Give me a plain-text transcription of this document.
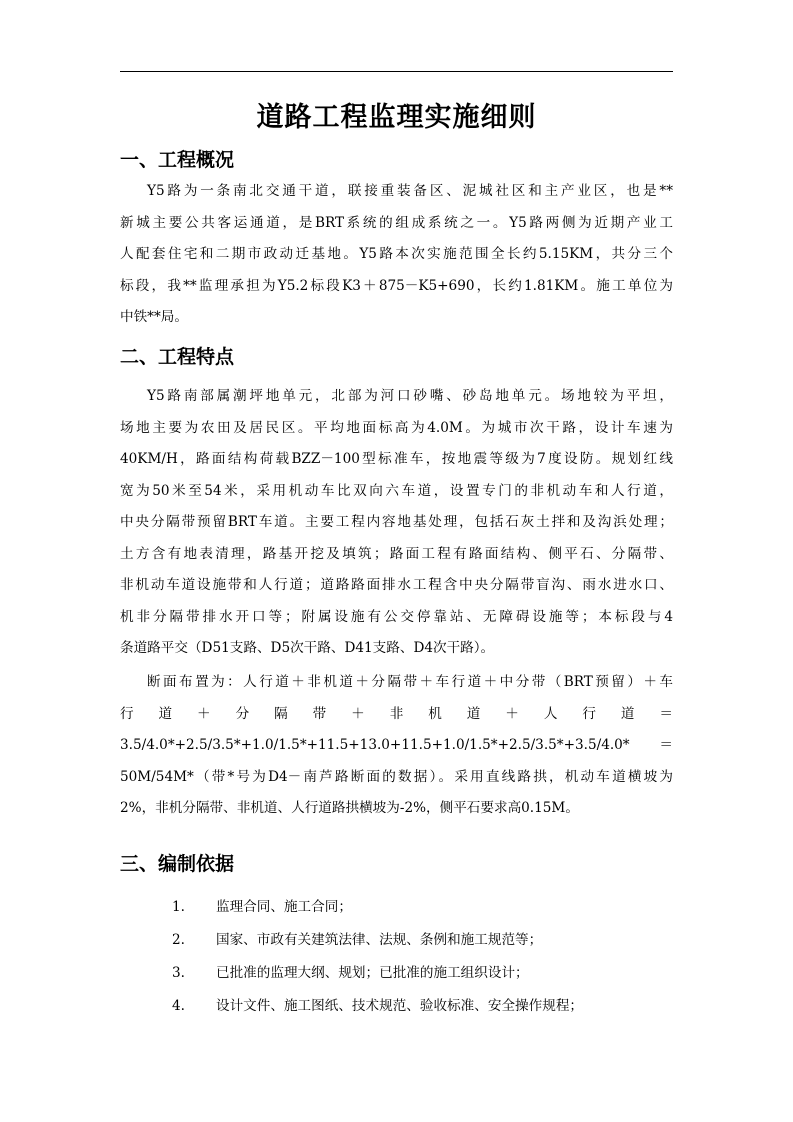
道路工程监理实施细则
一、工程概况
Y5路为一条南北交通干道，联接重装备区、泥城社区和主产业区，也是**
新城主要公共客运通道，是BRT系统的组成系统之一。Y5路两侧为近期产业工
人配套住宅和二期市政动迁基地。Y5路本次实施范围全长约5.15KM，共分三个
标段，我**监理承担为Y5.2标段K3＋875－K5+690，长约1.81KM。施工单位为
中铁**局。
二、工程特点
Y5路南部属潮坪地单元，北部为河口砂嘴、砂岛地单元。场地较为平坦，
场地主要为农田及居民区。平均地面标高为4.0M。为城市次干路，设计车速为
40KM/H，路面结构荷载BZZ－100型标准车，按地震等级为7度设防。规划红线
宽为50米至54米，采用机动车比双向六车道，设置专门的非机动车和人行道，
中央分隔带预留BRT车道。主要工程内容地基处理，包括石灰土拌和及沟浜处理；
土方含有地表清理，路基开挖及填筑；路面工程有路面结构、侧平石、分隔带、
非机动车道设施带和人行道；道路路面排水工程含中央分隔带盲沟、雨水进水口、
机非分隔带排水开口等；附属设施有公交停靠站、无障碍设施等；本标段与4
条道路平交（D51支路、D5次干路、D41支路、D4次干路）。
断面布置为：人行道＋非机道＋分隔带＋车行道＋中分带（BRT预留）＋车
行　道　＋　分　隔　带　＋　非　机　道　＋　人　行　道　＝
3.5/4.0*+2.5/3.5*+1.0/1.5*+11.5+13.0+11.5+1.0/1.5*+2.5/3.5*+3.5/4.0*　＝
50M/54M*（带*号为D4－南芦路断面的数据）。采用直线路拱，机动车道横坡为
2%，非机分隔带、非机道、人行道路拱横坡为-2%，侧平石要求高0.15M。
三、编制依据
1. 监理合同、施工合同；
2. 国家、市政有关建筑法律、法规、条例和施工规范等；
3. 已批准的监理大纲、规划；已批准的施工组织设计；
4. 设计文件、施工图纸、技术规范、验收标准、安全操作规程；
